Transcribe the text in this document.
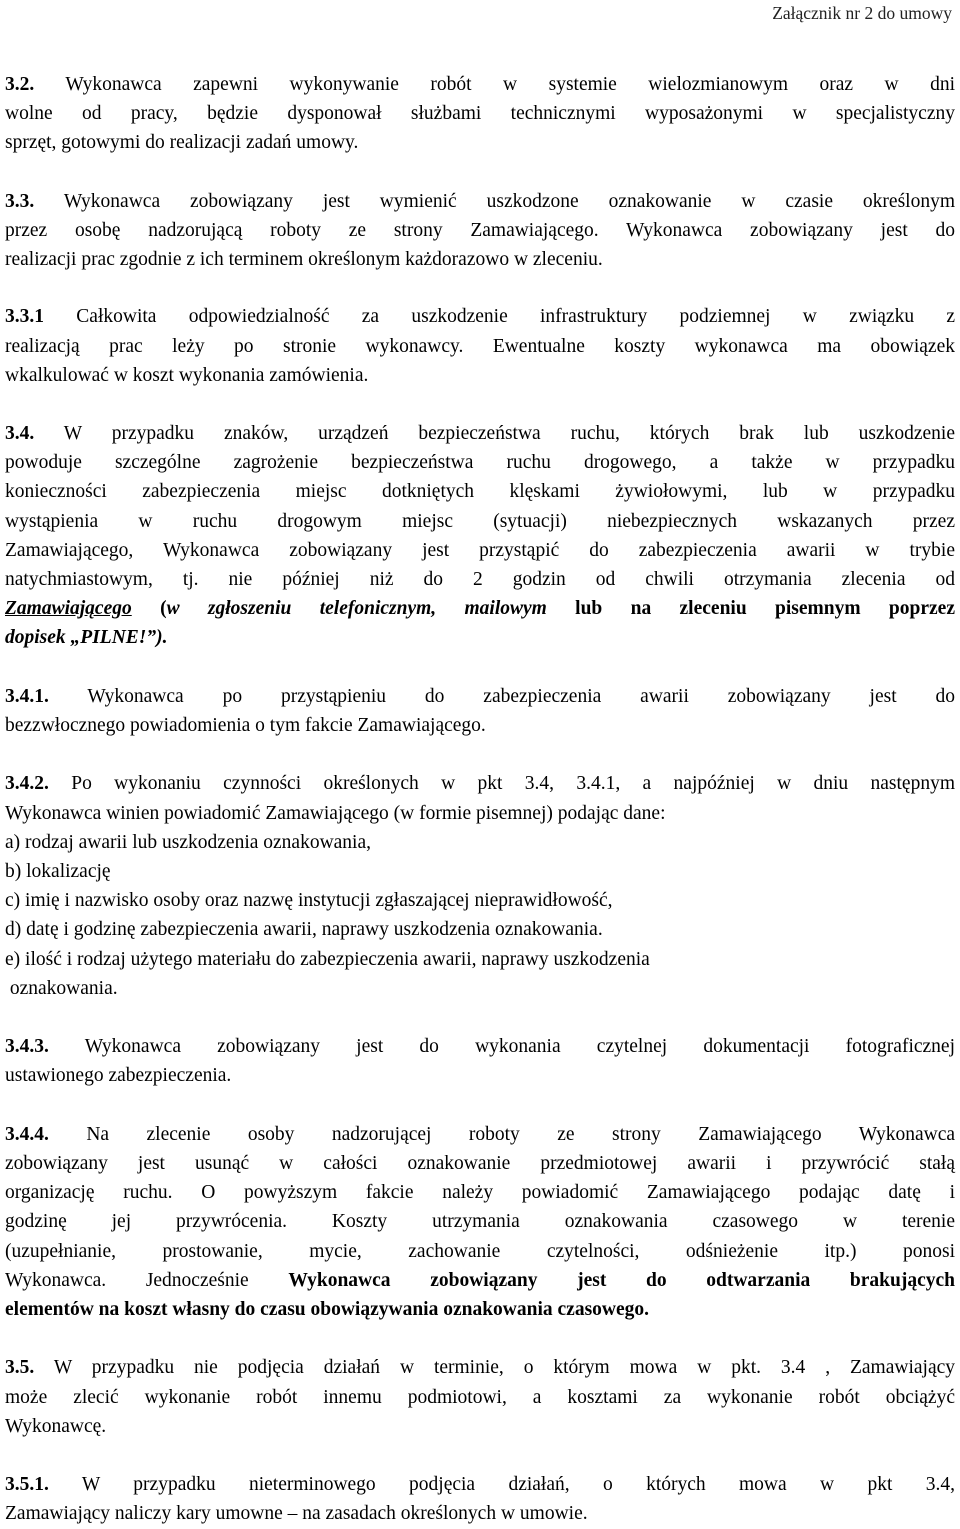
Załącznik nr 2 do umowy
3.2. Wykonawca zapewni wykonywanie robót w systemie wielozmianowym oraz w dni
wolne od pracy, będzie dysponował służbami technicznymi wyposażonymi w specjalistyczny
sprzęt, gotowymi do realizacji zadań umowy.
3.3. Wykonawca zobowiązany jest wymienić uszkodzone oznakowanie w czasie określonym
przez osobę nadzorującą roboty ze strony Zamawiającego. Wykonawca zobowiązany jest do
realizacji prac zgodnie z ich terminem określonym każdorazowo w zleceniu.
3.3.1 Całkowita odpowiedzialność za uszkodzenie infrastruktury podziemnej w związku z
realizacją prac leży po stronie wykonawcy. Ewentualne koszty wykonawca ma obowiązek
wkalkulować w koszt wykonania zamówienia.
3.4. W przypadku znaków, urządzeń bezpieczeństwa ruchu, których brak lub uszkodzenie
powoduje szczególne zagrożenie bezpieczeństwa ruchu drogowego, a także w przypadku
konieczności zabezpieczenia miejsc dotkniętych klęskami żywiołowymi, lub w przypadku
wystąpienia w ruchu drogowym miejsc (sytuacji) niebezpiecznych wskazanych przez
Zamawiającego, Wykonawca zobowiązany jest przystąpić do zabezpieczenia awarii w trybie
natychmiastowym, tj. nie później niż do 2 godzin od chwili otrzymania zlecenia od
Zamawiającego (w zgłoszeniu telefonicznym, mailowym lub na zleceniu pisemnym poprzez
dopisek „PILNE!”).
3.4.1. Wykonawca po przystąpieniu do zabezpieczenia awarii zobowiązany jest do
bezzwłocznego powiadomienia o tym fakcie Zamawiającego.
3.4.2. Po wykonaniu czynności określonych w pkt 3.4, 3.4.1, a najpóźniej w dniu następnym
Wykonawca winien powiadomić Zamawiającego (w formie pisemnej) podając dane:
a) rodzaj awarii lub uszkodzenia oznakowania,
b) lokalizację
c) imię i nazwisko osoby oraz nazwę instytucji zgłaszającej nieprawidłowość,
d) datę i godzinę zabezpieczenia awarii, naprawy uszkodzenia oznakowania.
e) ilość i rodzaj użytego materiału do zabezpieczenia awarii, naprawy uszkodzenia
oznakowania.
3.4.3. Wykonawca zobowiązany jest do wykonania czytelnej dokumentacji fotograficznej
ustawionego zabezpieczenia.
3.4.4. Na zlecenie osoby nadzorującej roboty ze strony Zamawiającego Wykonawca
zobowiązany jest usunąć w całości oznakowanie przedmiotowej awarii i przywrócić stałą
organizację ruchu. O powyższym fakcie należy powiadomić Zamawiającego podając datę i
godzinę jej przywrócenia. Koszty utrzymania oznakowania czasowego w terenie
(uzupełnianie, prostowanie, mycie, zachowanie czytelności, odśnieżenie itp.) ponosi
Wykonawca. Jednocześnie Wykonawca zobowiązany jest do odtwarzania brakujących
elementów na koszt własny do czasu obowiązywania oznakowania czasowego.
3.5. W przypadku nie podjęcia działań w terminie, o którym mowa w pkt. 3.4 , Zamawiający
może zlecić wykonanie robót innemu podmiotowi, a kosztami za wykonanie robót obciążyć
Wykonawcę.
3.5.1. W przypadku nieterminowego podjęcia działań, o których mowa w pkt 3.4,
Zamawiający naliczy kary umowne – na zasadach określonych w umowie.
